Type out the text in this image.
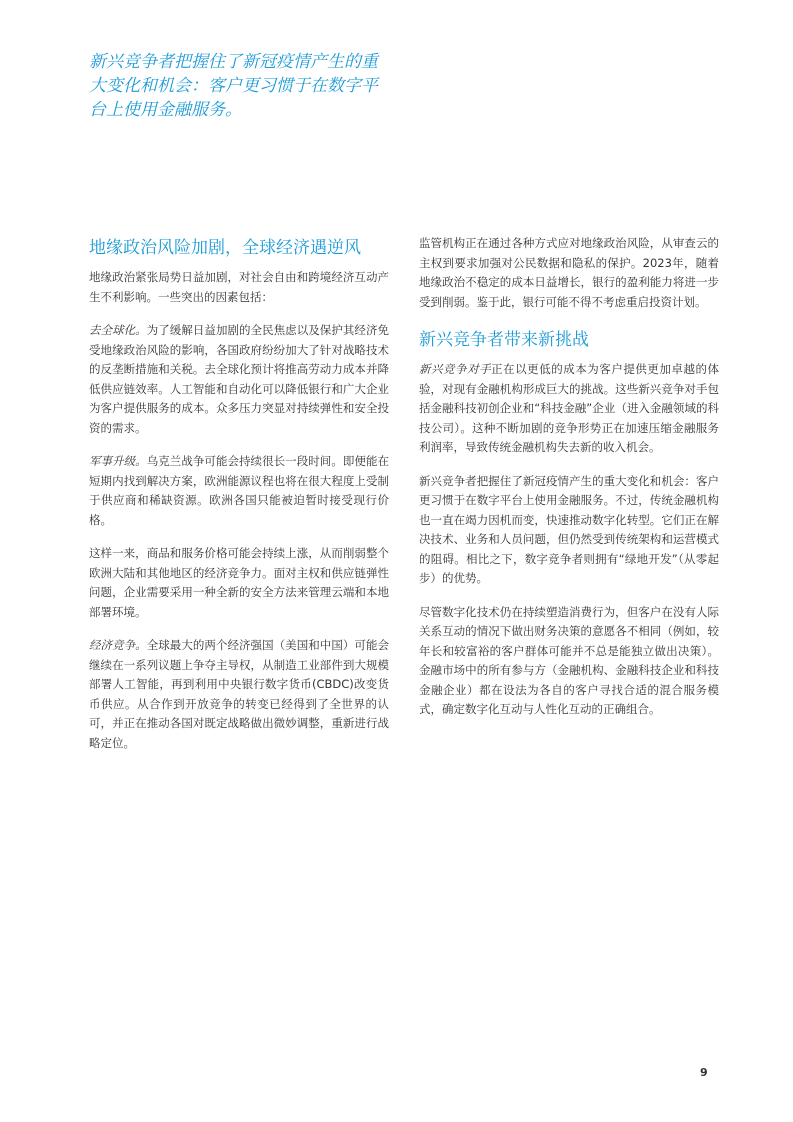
新兴竞争者把握住了新冠疫情产生的重大变化和机会：客户更习惯于在数字平台上使用金融服务。
地缘政治风险加剧，全球经济遇逆风

地缘政治紧张局势日益加剧，对社会自由和跨境经济互动产生不利影响。一些突出的因素包括：

去全球化。为了缓解日益加剧的全民焦虑以及保护其经济免受地缘政治风险的影响，各国政府纷纷加大了针对战略技术的反垄断措施和关税。去全球化预计将推高劳动力成本并降低供应链效率。人工智能和自动化可以降低银行和广大企业为客户提供服务的成本。众多压力突显对持续弹性和安全投资的需求。

军事升级。乌克兰战争可能会持续很长一段时间。即便能在短期内找到解决方案，欧洲能源议程也将在很大程度上受制于供应商和稀缺资源。欧洲各国只能被迫暂时接受现行价格。

这样一来，商品和服务价格可能会持续上涨，从而削弱整个欧洲大陆和其他地区的经济竞争力。面对主权和供应链弹性问题，企业需要采用一种全新的安全方法来管理云端和本地部署环境。

经济竞争。全球最大的两个经济强国（美国和中国）可能会继续在一系列议题上争夺主导权，从制造工业部件到大规模部署人工智能，再到利用中央银行数字货币(CBDC)改变货币供应。从合作到开放竞争的转变已经得到了全世界的认可，并正在推动各国对既定战略做出微妙调整，重新进行战略定位。

监管机构正在通过各种方式应对地缘政治风险，从审查云的主权到要求加强对公民数据和隐私的保护。2023年，随着地缘政治不稳定的成本日益增长，银行的盈利能力将进一步受到削弱。鉴于此，银行可能不得不考虑重启投资计划。

新兴竞争者带来新挑战

新兴竞争对手正在以更低的成本为客户提供更加卓越的体验，对现有金融机构形成巨大的挑战。这些新兴竞争对手包括金融科技初创企业和“科技金融”企业（进入金融领域的科技公司）。这种不断加剧的竞争形势正在加速压缩金融服务利润率，导致传统金融机构失去新的收入机会。

新兴竞争者把握住了新冠疫情产生的重大变化和机会：客户更习惯于在数字平台上使用金融服务。不过，传统金融机构也一直在竭力因机而变，快速推动数字化转型。它们正在解决技术、业务和人员问题，但仍然受到传统架构和运营模式的阻碍。相比之下，数字竞争者则拥有“绿地开发”（从零起步）的优势。

尽管数字化技术仍在持续塑造消费行为，但客户在没有人际关系互动的情况下做出财务决策的意愿各不相同（例如，较年长和较富裕的客户群体可能并不总是能独立做出决策）。金融市场中的所有参与方（金融机构、金融科技企业和科技金融企业）都在设法为各自的客户寻找合适的混合服务模式，确定数字化互动与人性化互动的正确组合。

9
